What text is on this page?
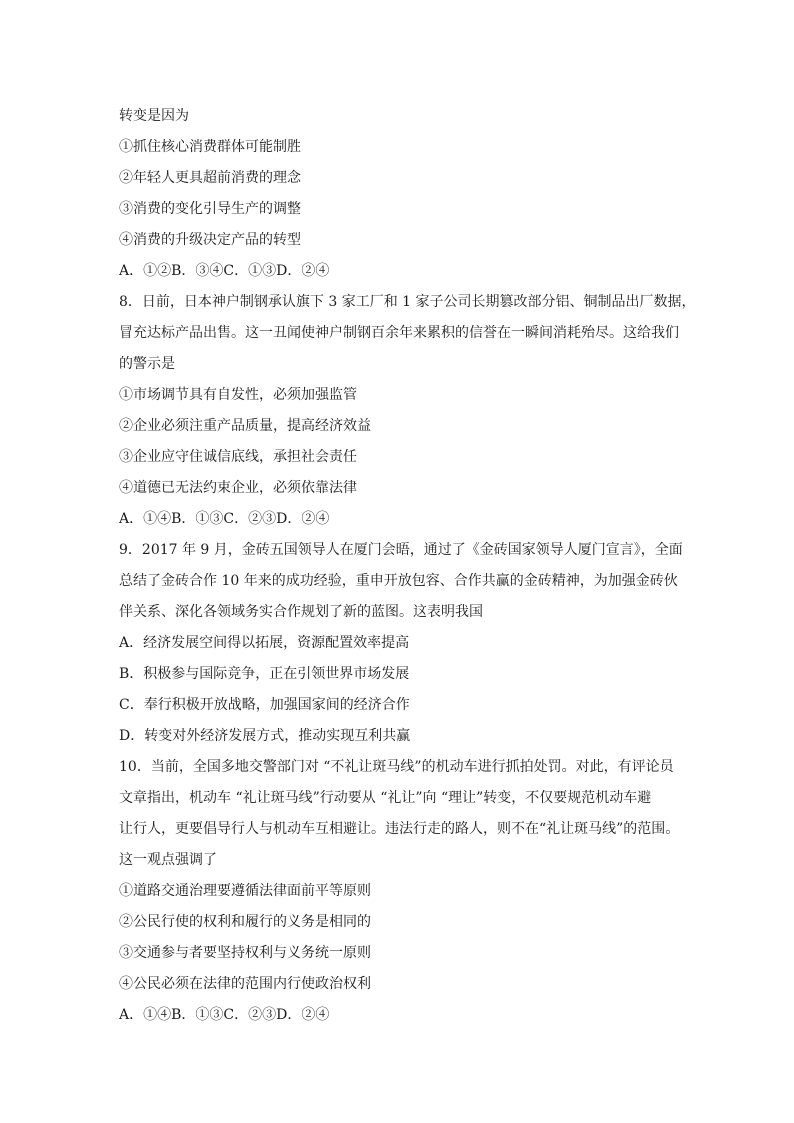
转变是因为
①抓住核心消费群体可能制胜
②年轻人更具超前消费的理念
③消费的变化引导生产的调整
④消费的升级决定产品的转型
A．①②B．③④C．①③D．②④
8．日前，日本神户制钢承认旗下 3 家工厂和 1 家子公司长期篡改部分铝、铜制品出厂数据，
冒充达标产品出售。这一丑闻使神户制钢百余年来累积的信誉在一瞬间消耗殆尽。这给我们
的警示是
①市场调节具有自发性，必须加强监管
②企业必须注重产品质量，提高经济效益
③企业应守住诚信底线，承担社会责任
④道德已无法约束企业，必须依靠法律
A．①④B．①③C．②③D．②④
9．2017 年 9 月，金砖五国领导人在厦门会晤，通过了《金砖国家领导人厦门宣言》，全面
总结了金砖合作 10 年来的成功经验，重申开放包容、合作共赢的金砖精神，为加强金砖伙
伴关系、深化各领域务实合作规划了新的蓝图。这表明我国
A．经济发展空间得以拓展，资源配置效率提高
B．积极参与国际竞争，正在引领世界市场发展
C．奉行积极开放战略，加强国家间的经济合作
D．转变对外经济发展方式，推动实现互利共赢
10．当前，全国多地交警部门对 “不礼让斑马线”的机动车进行抓拍处罚。对此，有评论员
文章指出，机动车 “礼让斑马线”行动要从 “礼让”向 “理让”转变，不仅要规范机动车避
让行人，更要倡导行人与机动车互相避让。违法行走的路人，则不在“礼让斑马线”的范围。
这一观点强调了
①道路交通治理要遵循法律面前平等原则
②公民行使的权利和履行的义务是相同的
③交通参与者要坚持权利与义务统一原则
④公民必须在法律的范围内行使政治权利
A．①④B．①③C．②③D．②④
